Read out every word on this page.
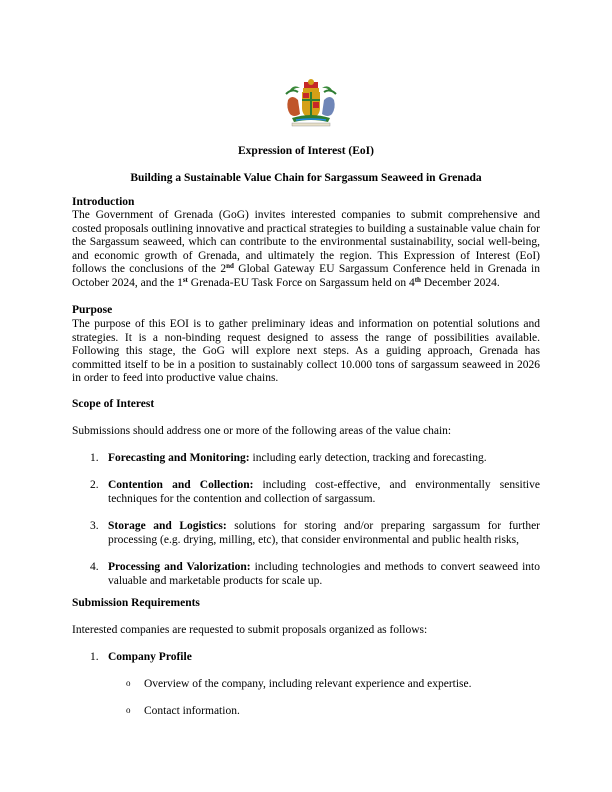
Expression of Interest (EoI)
Building a Sustainable Value Chain for Sargassum Seaweed in Grenada
Introduction
The Government of Grenada (GoG) invites interested companies to submit comprehensive and costed proposals outlining innovative and practical strategies to building a sustainable value chain for the Sargassum seaweed, which can contribute to the environmental sustainability, social well-being, and economic growth of Grenada, and ultimately the region. This Expression of Interest (EoI) follows the conclusions of the 2nd Global Gateway EU Sargassum Conference held in Grenada in October 2024, and the 1st Grenada-EU Task Force on Sargassum held on 4th December 2024.
Purpose
The purpose of this EOI is to gather preliminary ideas and information on potential solutions and strategies. It is a non-binding request designed to assess the range of possibilities available. Following this stage, the GoG will explore next steps. As a guiding approach, Grenada has committed itself to be in a position to sustainably collect 10.000 tons of sargassum seaweed in 2026 in order to feed into productive value chains.
Scope of Interest
Submissions should address one or more of the following areas of the value chain:
1. Forecasting and Monitoring: including early detection, tracking and forecasting.
2. Contention and Collection: including cost-effective, and environmentally sensitive techniques for the contention and collection of sargassum.
3. Storage and Logistics: solutions for storing and/or preparing sargassum for further processing (e.g. drying, milling, etc), that consider environmental and public health risks,
4. Processing and Valorization: including technologies and methods to convert seaweed into valuable and marketable products for scale up.
Submission Requirements
Interested companies are requested to submit proposals organized as follows:
1. Company Profile
o Overview of the company, including relevant experience and expertise.
o Contact information.
